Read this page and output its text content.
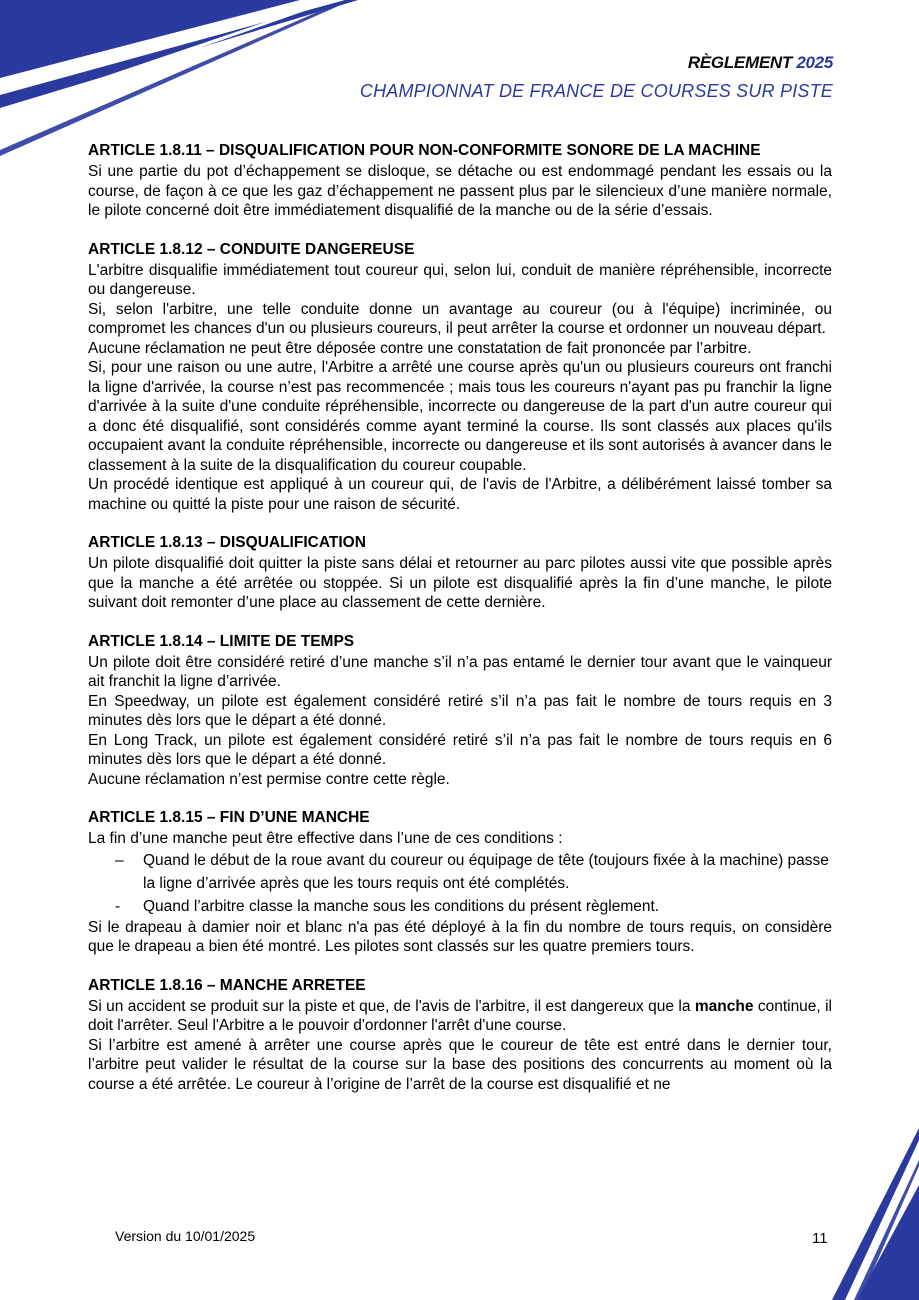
RÈGLEMENT 2025
CHAMPIONNAT DE FRANCE DE COURSES SUR PISTE
ARTICLE 1.8.11 – DISQUALIFICATION POUR NON-CONFORMITE SONORE DE LA MACHINE

Si une partie du pot d’échappement se disloque, se détache ou est endommagé pendant les essais ou la course, de façon à ce que les gaz d’échappement ne passent plus par le silencieux d’une manière normale, le pilote concerné doit être immédiatement disqualifié de la manche ou de la série d’essais.

ARTICLE 1.8.12 – CONDUITE DANGEREUSE

L'arbitre disqualifie immédiatement tout coureur qui, selon lui, conduit de manière répréhensible, incorrecte ou dangereuse.

Si, selon l'arbitre, une telle conduite donne un avantage au coureur (ou à l'équipe) incriminée, ou compromet les chances d'un ou plusieurs coureurs, il peut arrêter la course et ordonner un nouveau départ.

Aucune réclamation ne peut être déposée contre une constatation de fait prononcée par l’arbitre.

Si, pour une raison ou une autre, l'Arbitre a arrêté une course après qu'un ou plusieurs coureurs ont franchi la ligne d'arrivée, la course n’est pas recommencée ; mais tous les coureurs n'ayant pas pu franchir la ligne d'arrivée à la suite d'une conduite répréhensible, incorrecte ou dangereuse de la part d'un autre coureur qui a donc été disqualifié, sont considérés comme ayant terminé la course. Ils sont classés aux places qu'ils occupaient avant la conduite répréhensible, incorrecte ou dangereuse et ils sont autorisés à avancer dans le classement à la suite de la disqualification du coureur coupable.

Un procédé identique est appliqué à un coureur qui, de l'avis de l'Arbitre, a délibérément laissé tomber sa machine ou quitté la piste pour une raison de sécurité.

ARTICLE 1.8.13 – DISQUALIFICATION

Un pilote disqualifié doit quitter la piste sans délai et retourner au parc pilotes aussi vite que possible après que la manche a été arrêtée ou stoppée. Si un pilote est disqualifié après la fin d’une manche, le pilote suivant doit remonter d’une place au classement de cette dernière.

ARTICLE 1.8.14 – LIMITE DE TEMPS

Un pilote doit être considéré retiré d’une manche s’il n’a pas entamé le dernier tour avant que le vainqueur ait franchit la ligne d’arrivée.

En Speedway, un pilote est également considéré retiré s’il n’a pas fait le nombre de tours requis en 3 minutes dès lors que le départ a été donné.

En Long Track, un pilote est également considéré retiré s’il n’a pas fait le nombre de tours requis en 6 minutes dès lors que le départ a été donné.

Aucune réclamation n’est permise contre cette règle.

ARTICLE 1.8.15 – FIN D’UNE MANCHE

La fin d’une manche peut être effective dans l’une de ces conditions :

–	Quand le début de la roue avant du coureur ou équipage de tête (toujours fixée à la machine) passe la ligne d’arrivée après que les tours requis ont été complétés.
-	Quand l’arbitre classe la manche sous les conditions du présent règlement.

Si le drapeau à damier noir et blanc n'a pas été déployé à la fin du nombre de tours requis, on considère que le drapeau a bien été montré. Les pilotes sont classés sur les quatre premiers tours.

ARTICLE 1.8.16 – MANCHE ARRETEE

Si un accident se produit sur la piste et que, de l'avis de l'arbitre, il est dangereux que la manche continue, il doit l'arrêter. Seul l'Arbitre a le pouvoir d'ordonner l'arrêt d'une course.

Si l’arbitre est amené à arrêter une course après que le coureur de tête est entré dans le dernier tour, l’arbitre peut valider le résultat de la course sur la base des positions des concurrents au moment où la course a été arrêtée. Le coureur à l’origine de l’arrêt de la course est disqualifié et ne

Version du 10/01/2025	11
